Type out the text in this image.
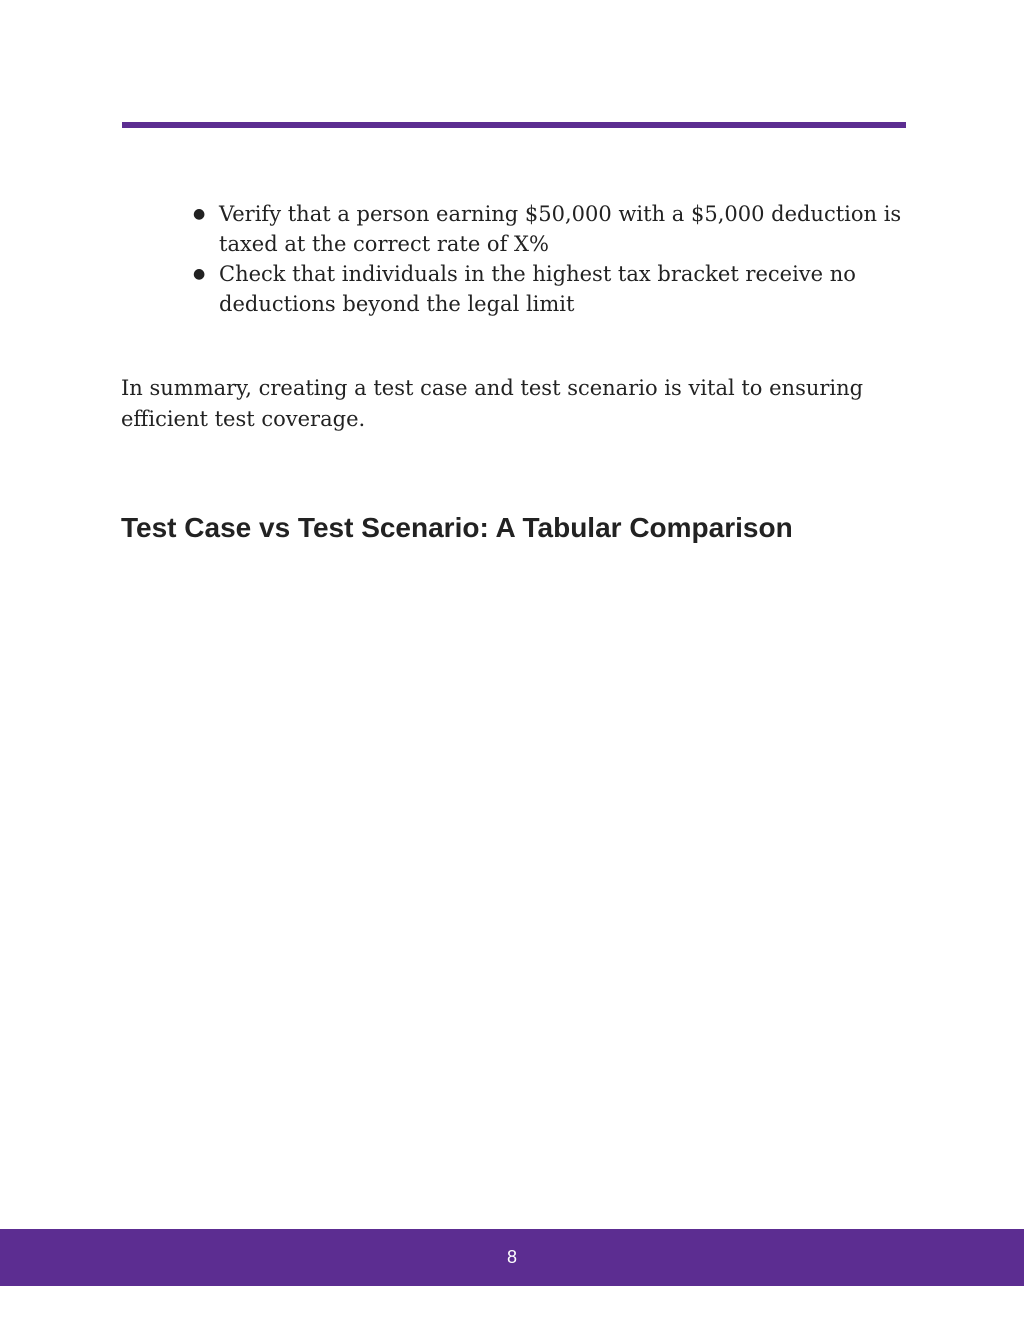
● Verify that a person earning $50,000 with a $5,000 deduction is taxed at the correct rate of X%
● Check that individuals in the highest tax bracket receive no deductions beyond the legal limit

In summary, creating a test case and test scenario is vital to ensuring efficient test coverage.

Test Case vs Test Scenario: A Tabular Comparison
8
